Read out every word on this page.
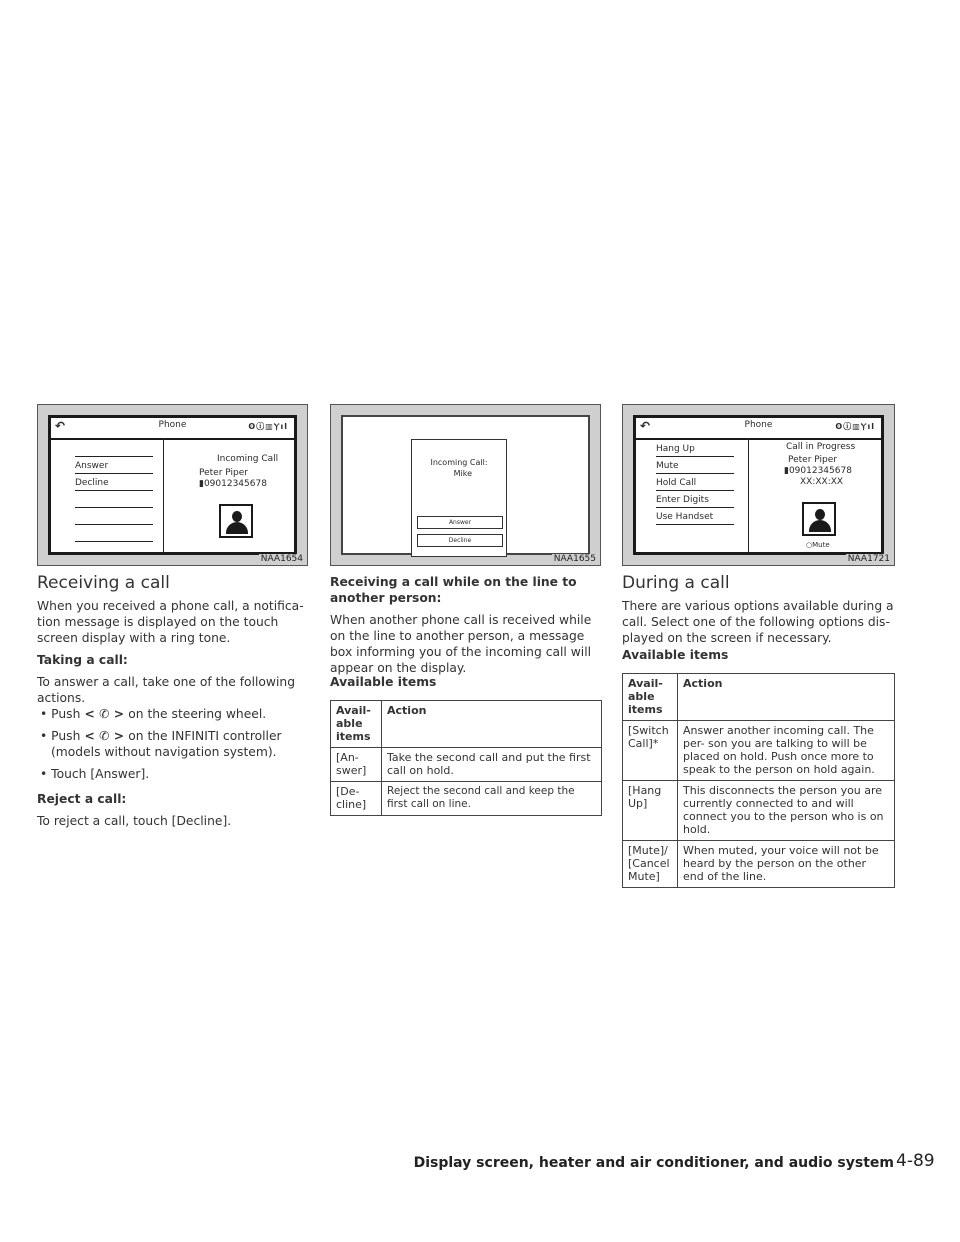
↶	Phone	ʘⓘ▥Ⲩıl
Answer
Decline
Incoming Call
Peter Piper
▮09012345678
NAA1654
Incoming Call:
Mike
Answer
Decline
NAA1655
↶	Phone	ʘⓘ▥Ⲩıl
Hang Up
Mute
Hold Call
Enter Digits
Use Handset
Call in Progress
Peter Piper
▮09012345678
XX:XX:XX
○Mute
NAA1721
Receiving a call

When you received a phone call, a notifica- tion message is displayed on the touch screen display with a ring tone.

Taking a call:

To answer a call, take one of the following actions.

• Push < ✆ > on the steering wheel.
• Push < ✆ > on the INFINITI controller
(models without navigation system).
• Touch [Answer].

Reject a call:

To reject a call, touch [Decline].

Receiving a call while on the line to another person:

When another phone call is received while on the line to another person, a message box informing you of the incoming call will appear on the display.

Available items

Avail- able items	Action
[An- swer]	Take the second call and put the first call on hold.
[De- cline]	Reject the second call and keep the first call on line.
During a call

There are various options available during a call. Select one of the following options dis- played on the screen if necessary.

Available items

Avail- able items	Action
[Switch Call]*	Answer another incoming call. The per- son you are talking to will be placed on hold. Push once more to speak to the person on hold again.
[Hang Up]	This disconnects the person you are currently connected to and will connect you to the person who is on hold.
[Mute]/ [Cancel Mute]	When muted, your voice will not be heard by the person on the other end of the line.
Display screen, heater and air conditioner, and audio system 4-89
